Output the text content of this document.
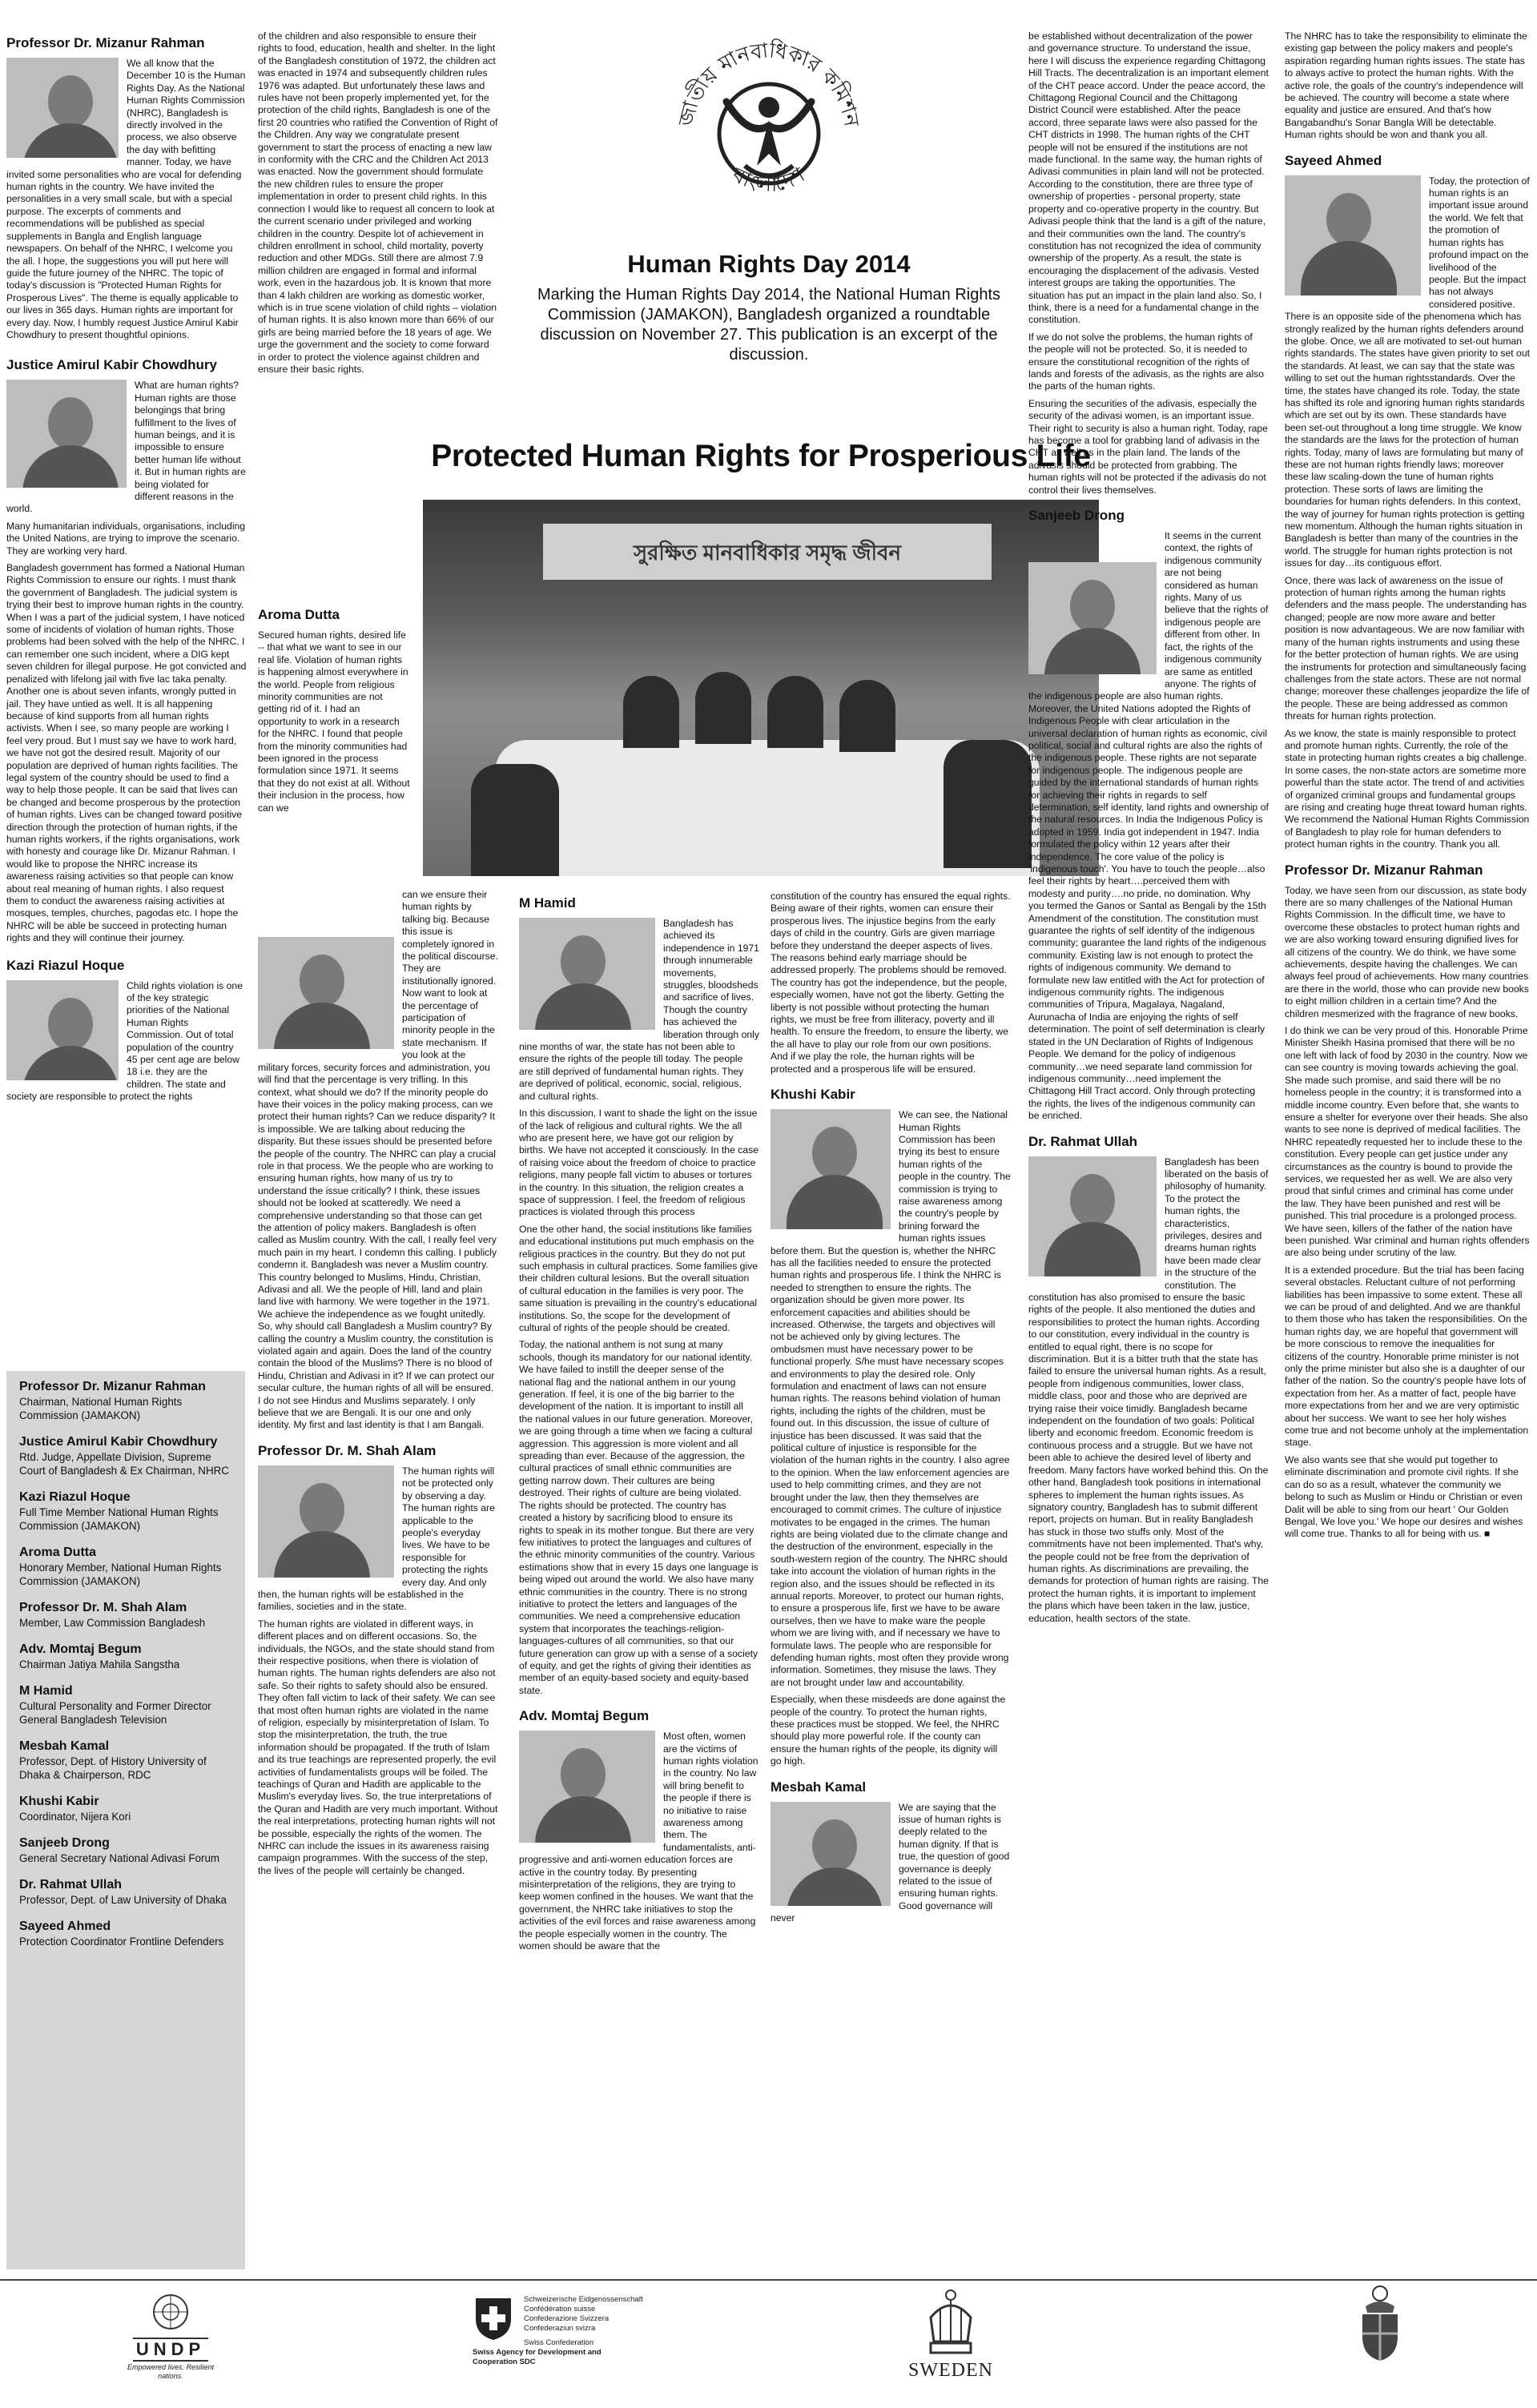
Professor Dr. Mizanur Rahman

We all know that the December 10 is the Human Rights Day. As the National Human Rights Commission (NHRC), Bangladesh is directly involved in the process, we also observe the day with befitting manner. Today, we have invited some personalities who are vocal for defending human rights in the country. We have invited the personalities in a very small scale, but with a special purpose. The excerpts of comments and recommendations will be published as special supplements in Bangla and English language newspapers. On behalf of the NHRC, I welcome you the all. I hope, the suggestions you will put here will guide the future journey of the NHRC. The topic of today's discussion is "Protected Human Rights for Prosperous Lives". The theme is equally applicable to our lives in 365 days. Human rights are important for every day. Now, I humbly request Justice Amirul Kabir Chowdhury to present thoughtful opinions.

Justice Amirul Kabir Chowdhury

What are human rights? Human rights are those belongings that bring fulfillment to the lives of human beings, and it is impossible to ensure better human life without it. But in human rights are being violated for different reasons in the world.

Many humanitarian individuals, organisations, including the United Nations, are trying to improve the scenario. They are working very hard.

Bangladesh government has formed a National Human Rights Commission to ensure our rights. I must thank the government of Bangladesh. The judicial system is trying their best to improve human rights in the country. When I was a part of the judicial system, I have noticed some of incidents of violation of human rights. Those problems had been solved with the help of the NHRC. I can remember one such incident, where a DIG kept seven children for illegal purpose. He got convicted and penalized with lifelong jail with five lac taka penalty. Another one is about seven infants, wrongly putted in jail. They have untied as well. It is all happening because of kind supports from all human rights activists. When I see, so many people are working I feel very proud. But I must say we have to work hard, we have not got the desired result. Majority of our population are deprived of human rights facilities. The legal system of the country should be used to find a way to help those people. It can be said that lives can be changed and become prosperous by the protection of human rights. Lives can be changed toward positive direction through the protection of human rights, if the human rights workers, if the rights organisations, work with honesty and courage like Dr. Mizanur Rahman. I would like to propose the NHRC increase its awareness raising activities so that people can know about real meaning of human rights. I also request them to conduct the awareness raising activities at mosques, temples, churches, pagodas etc. I hope the NHRC will be able be succeed in protecting human rights and they will continue their journey.

Kazi Riazul Hoque

Child rights violation is one of the key strategic priorities of the National Human Rights Commission. Out of total population of the country 45 per cent age are below 18 i.e. they are the children. The state and society are responsible to protect the rights

Professor Dr. Mizanur Rahman
Chairman, National Human Rights Commission (JAMAKON)
Justice Amirul Kabir Chowdhury
Rtd. Judge, Appellate Division, Supreme Court of Bangladesh & Ex Chairman, NHRC
Kazi Riazul Hoque
Full Time Member National Human Rights Commission (JAMAKON)
Aroma Dutta
Honorary Member, National Human Rights Commission (JAMAKON)
Professor Dr. M. Shah Alam
Member, Law Commission Bangladesh
Adv. Momtaj Begum
Chairman Jatiya Mahila Sangstha
M Hamid
Cultural Personality and Former Director General Bangladesh Television
Mesbah Kamal
Professor, Dept. of History University of Dhaka & Chairperson, RDC
Khushi Kabir
Coordinator, Nijera Kori
Sanjeeb Drong
General Secretary National Adivasi Forum
Dr. Rahmat Ullah
Professor, Dept. of Law University of Dhaka
Sayeed Ahmed
Protection Coordinator Frontline Defenders

of the children and also responsible to ensure their rights to food, education, health and shelter. In the light of the Bangladesh constitution of 1972, the children act was enacted in 1974 and subsequently children rules 1976 was adapted. But unfortunately these laws and rules have not been properly implemented yet, for the protection of the child rights, Bangladesh is one of the first 20 countries who ratified the Convention of Right of the Children. Any way we congratulate present government to start the process of enacting a new law in conformity with the CRC and the Children Act 2013 was enacted. Now the government should formulate the new children rules to ensure the proper implementation in order to present child rights. In this connection I would like to request all concern to look at the current scenario under privileged and working children in the country. Despite lot of achievement in children enrollment in school, child mortality, poverty reduction and other MDGs. Still there are almost 7.9 million children are engaged in formal and informal work, even in the hazardous job. It is known that more than 4 lakh children are working as domestic worker, which is in true scene violation of child rights – violation of human rights. It is also known more than 66% of our girls are being married before the 18 years of age. We urge the government and the society to come forward in order to protect the violence against children and ensure their basic rights.

Aroma Dutta

Secured human rights, desired life -- that what we want to see in our real life. Violation of human rights is happening almost everywhere in the world. People from religious minority communities are not getting rid of it. I had an opportunity to work in a research for the NHRC. I found that people from the minority communities had been ignored in the process formulation since 1971. It seems that they do not exist at all. Without their inclusion in the process, how can we

can we ensure their human rights by talking big. Because this issue is completely ignored in the political discourse. They are institutionally ignored. Now want to look at the percentage of participation of minority people in the state mechanism. If you look at the military forces, security forces and administration, you will find that the percentage is very trifling. In this context, what should we do? If the minority people do have their voices in the policy making process, can we protect their human rights? Can we reduce disparity? It is impossible. We are talking about reducing the disparity. But these issues should be presented before the people of the country. The NHRC can play a crucial role in that process. We the people who are working to ensuring human rights, how many of us try to understand the issue critically? I think, these issues should not be looked at scatteredly. We need a comprehensive understanding so that those can get the attention of policy makers. Bangladesh is often called as Muslim country. With the call, I really feel very much pain in my heart. I condemn this calling. I publicly condemn it. Bangladesh was never a Muslim country. This country belonged to Muslims, Hindu, Christian, Adivasi and all. We the people of Hill, land and plain land live with harmony. We were together in the 1971. We achieve the independence as we fought unitedly. So, why should call Bangladesh a Muslim country? By calling the country a Muslim country, the constitution is violated again and again. Does the land of the country contain the blood of the Muslims? There is no blood of Hindu, Christian and Adivasi in it? If we can protect our secular culture, the human rights of all will be ensured. I do not see Hindus and Muslims separately. I only believe that we are Bengali. It is our one and only identity. My first and last identity is that I am Bangali.

Professor Dr. M. Shah Alam

The human rights will not be protected only by observing a day. The human rights are applicable to the people's everyday lives. We have to be responsible for protecting the rights every day. And only then, the human rights will be established in the families, societies and in the state.

The human rights are violated in different ways, in different places and on different occasions. So, the individuals, the NGOs, and the state should stand from their respective positions, when there is violation of human rights. The human rights defenders are also not safe. So their rights to safety should also be ensured. They often fall victim to lack of their safety. We can see that most often human rights are violated in the name of religion, especially by misinterpretation of Islam. To stop the misinterpretation, the truth, the true information should be propagated. If the truth of Islam and its true teachings are represented properly, the evil activities of fundamentalists groups will be foiled. The teachings of Quran and Hadith are applicable to the Muslim's everyday lives. So, the true interpretations of the Quran and Hadith are very much important. Without the real interpretations, protecting human rights will not be possible, especially the rights of the women. The NHRC can include the issues in its awareness raising campaign programmes. With the success of the step, the lives of the people will certainly be changed.

জাতীয় মানবাধিকার কমিশন
বাংলাদেশ
Human Rights Day 2014
Marking the Human Rights Day 2014, the National Human Rights Commission (JAMAKON), Bangladesh organized a roundtable discussion on November 27. This publication is an excerpt of the discussion.
Protected Human Rights for Prosperious Life
সুরক্ষিত মানবাধিকার সমৃদ্ধ জীবন
M Hamid

Bangladesh has achieved its independence in 1971 through innumerable movements, struggles, bloodsheds and sacrifice of lives. Though the country has achieved the liberation through only nine months of war, the state has not been able to ensure the rights of the people till today. The people are still deprived of fundamental human rights. They are deprived of political, economic, social, religious, and cultural rights.

In this discussion, I want to shade the light on the issue of the lack of religious and cultural rights. We the all who are present here, we have got our religion by births. We have not accepted it consciously. In the case of raising voice about the freedom of choice to practice religions, many people fall victim to abuses or tortures in the country. In this situation, the religion creates a space of suppression. I feel, the freedom of religious practices is violated through this process

One the other hand, the social institutions like families and educational institutions put much emphasis on the religious practices in the country. But they do not put such emphasis in cultural practices. Some families give their children cultural lesions. But the overall situation of cultural education in the families is very poor. The same situation is prevailing in the country's educational institutions. So, the scope for the development of cultural of rights of the people should be created.

Today, the national anthem is not sung at many schools, though its mandatory for our national identity. We have failed to instill the deeper sense of the national flag and the national anthem in our young generation. If feel, it is one of the big barrier to the development of the nation. It is important to instill all the national values in our future generation. Moreover, we are going through a time when we facing a cultural aggression. This aggression is more violent and all spreading than ever. Because of the aggression, the cultural practices of small ethnic communities are getting narrow down. Their cultures are being destroyed. Their rights of culture are being violated. The rights should be protected. The country has created a history by sacrificing blood to ensure its rights to speak in its mother tongue. But there are very few initiatives to protect the languages and cultures of the ethnic minority communities of the country. Various estimations show that in every 15 days one language is being wiped out around the world. We also have many ethnic communities in the country. There is no strong initiative to protect the letters and languages of the communities. We need a comprehensive education system that incorporates the teachings-religion-languages-cultures of all communities, so that our future generation can grow up with a sense of a society of equity, and get the rights of giving their identities as member of an equity-based society and equity-based state.

Adv. Momtaj Begum

Most often, women are the victims of human rights violation in the country. No law will bring benefit to the people if there is no initiative to raise awareness among them. The fundamentalists, anti-progressive and anti-women education forces are active in the country today. By presenting misinterpretation of the religions, they are trying to keep women confined in the houses. We want that the government, the NHRC take initiatives to stop the activities of the evil forces and raise awareness among the people especially women in the country. The women should be aware that the

constitution of the country has ensured the equal rights. Being aware of their rights, women can ensure their prosperous lives. The injustice begins from the early days of child in the country. Girls are given marriage before they understand the deeper aspects of lives. The reasons behind early marriage should be addressed properly. The problems should be removed. The country has got the independence, but the people, especially women, have not got the liberty. Getting the liberty is not possible without protecting the human rights, we must be free from illiteracy, poverty and ill health. To ensure the freedom, to ensure the liberty, we the all have to play our role from our own positions. And if we play the role, the human rights will be protected and a prosperous life will be ensured.

Khushi Kabir

We can see, the National Human Rights Commission has been trying its best to ensure human rights of the people in the country. The commission is trying to raise awareness among the country's people by brining forward the human rights issues before them. But the question is, whether the NHRC has all the facilities needed to ensure the protected human rights and prosperous life. I think the NHRC is needed to strengthen to ensure the rights. The organization should be given more power. Its enforcement capacities and abilities should be increased. Otherwise, the targets and objectives will not be achieved only by giving lectures. The ombudsmen must have necessary power to be functional properly. S/he must have necessary scopes and environments to play the desired role. Only formulation and enactment of laws can not ensure human rights. The reasons behind violation of human rights, including the rights of the children, must be found out. In this discussion, the issue of culture of injustice has been discussed. It was said that the political culture of injustice is responsible for the violation of the human rights in the country. I also agree to the opinion. When the law enforcement agencies are used to help committing crimes, and they are not brought under the law, then they themselves are encouraged to commit crimes. The culture of injustice motivates to be engaged in the crimes. The human rights are being violated due to the climate change and the destruction of the environment, especially in the south-western region of the country. The NHRC should take into account the violation of human rights in the region also, and the issues should be reflected in its annual reports. Moreover, to protect our human rights, to ensure a prosperous life, first we have to be aware ourselves, then we have to make ware the people whom we are living with, and if necessary we have to formulate laws. The people who are responsible for defending human rights, most often they provide wrong information. Sometimes, they misuse the laws. They are not brought under law and accountability.

Especially, when these misdeeds are done against the people of the country. To protect the human rights, these practices must be stopped. We feel, the NHRC should play more powerful role. If the county can ensure the human rights of the people, its dignity will go high.

Mesbah Kamal

We are saying that the issue of human rights is deeply related to the human dignity. If that is true, the question of good governance is deeply related to the issue of ensuring human rights. Good governance will never

be established without decentralization of the power and governance structure. To understand the issue, here I will discuss the experience regarding Chittagong Hill Tracts. The decentralization is an important element of the CHT peace accord. Under the peace accord, the Chittagong Regional Council and the Chittagong District Council were established. After the peace accord, three separate laws were also passed for the CHT districts in 1998. The human rights of the CHT people will not be ensured if the institutions are not made functional. In the same way, the human rights of Adivasi communities in plain land will not be protected. According to the constitution, there are three type of ownership of properties - personal property, state property and co-operative property in the country. But Adivasi people think that the land is a gift of the nature, and their communities own the land. The country's constitution has not recognized the idea of community ownership of the property. As a result, the state is encouraging the displacement of the adivasis. Vested interest groups are taking the opportunities. The situation has put an impact in the plain land also. So, I think, there is a need for a fundamental change in the constitution.

If we do not solve the problems, the human rights of the people will not be protected. So, it is needed to ensure the constitutional recognition of the rights of lands and forests of the adivasis, as the rights are also the parts of the human rights.

Ensuring the securities of the adivasis, especially the security of the adivasi women, is an important issue. Their right to security is also a human right. Today, rape has become a tool for grabbing land of adivasis in the CHT as well as in the plain land. The lands of the adivasis should be protected from grabbing. The human rights will not be protected if the adivasis do not control their lives themselves.

Sanjeeb Drong

It seems in the current context, the rights of indigenous community are not being considered as human rights. Many of us believe that the rights of indigenous people are different from other. In fact, the rights of the indigenous community are same as entitled anyone. The rights of the indigenous people are also human rights. Moreover, the United Nations adopted the Rights of Indigenous People with clear articulation in the universal declaration of human rights as economic, civil political, social and cultural rights are also the rights of the indigenous people. These rights are not separate for indigenous people. The indigenous people are guided by the international standards of human rights for achieving their rights in regards to self determination, self identity, land rights and ownership of the natural resources. In India the Indigenous Policy is adopted in 1959. India got independent in 1947. India formulated the policy within 12 years after their independence. The core value of the policy is 'indigenous touch'. You have to touch the people…also feel their rights by heart….perceived them with modesty and purity….no pride, no domination. Why you termed the Ganos or Santal as Bengali by the 15th Amendment of the constitution. The constitution must guarantee the rights of self identity of the indigenous community; guarantee the land rights of the indigenous community. Existing law is not enough to protect the rights of indigenous community. We demand to formulate new law entitled with the Act for protection of indigenous community rights. The indigenous communities of Tripura, Magalaya, Nagaland, Aurunacha of India are enjoying the rights of self determination. The point of self determination is clearly stated in the UN Declaration of Rights of Indigenous People. We demand for the policy of indigenous community…we need separate land commission for indigenous community…need implement the Chittagong Hill Tract accord. Only through protecting the rights, the lives of the indigenous community can be enriched.

Dr. Rahmat Ullah

Bangladesh has been liberated on the basis of philosophy of humanity. To the protect the human rights, the characteristics, privileges, desires and dreams human rights have been made clear in the structure of the constitution. The constitution has also promised to ensure the basic rights of the people. It also mentioned the duties and responsibilities to protect the human rights. According to our constitution, every individual in the country is entitled to equal right, there is no scope for discrimination. But it is a bitter truth that the state has failed to ensure the universal human rights. As a result, people from indigenous communities, lower class, middle class, poor and those who are deprived are trying raise their voice timidly. Bangladesh became independent on the foundation of two goals: Political liberty and economic freedom. Economic freedom is continuous process and a struggle. But we have not been able to achieve the desired level of liberty and freedom. Many factors have worked behind this. On the other hand, Bangladesh took positions in international spheres to implement the human rights issues. As signatory country, Bangladesh has to submit different report, projects on human. But in reality Bangladesh has stuck in those two stuffs only. Most of the commitments have not been implemented. That's why, the people could not be free from the deprivation of human rights. As discriminations are prevailing, the demands for protection of human rights are raising. The protect the human rights, it is important to implement the plans which have been taken in the law, justice, education, health sectors of the state.

The NHRC has to take the responsibility to eliminate the existing gap between the policy makers and people's aspiration regarding human rights issues. The state has to always active to protect the human rights. With the active role, the goals of the country's independence will be achieved. The country will become a state where equality and justice are ensured. And that's how Bangabandhu's Sonar Bangla Will be detectable. Human rights should be won and thank you all.

Sayeed Ahmed

Today, the protection of human rights is an important issue around the world. We felt that the promotion of human rights has profound impact on the livelihood of the people. But the impact has not always considered positive. There is an opposite side of the phenomena which has strongly realized by the human rights defenders around the globe. Once, we all are motivated to set-out human rights standards. The states have given priority to set out the standards. At least, we can say that the state was willing to set out the human rightsstandards. Over the time, the states have changed its role. Today, the state has shifted its role and ignoring human rights standards which are set out by its own. These standards have been set-out throughout a long time struggle. We know the standards are the laws for the protection of human rights. Today, many of laws are formulating but many of these are not human rights friendly laws; moreover these law scaling-down the tune of human rights protection. These sorts of laws are limiting the boundaries for human rights defenders. In this context, the way of journey for human rights protection is getting new momentum. Although the human rights situation in Bangladesh is better than many of the countries in the world. The struggle for human rights protection is not issues for day…its contiguous effort.

Once, there was lack of awareness on the issue of protection of human rights among the human rights defenders and the mass people. The understanding has changed; people are now more aware and better position is now advantageous. We are now familiar with many of the human rights instruments and using these for the better protection of human rights. We are using the instruments for protection and simultaneously facing challenges from the state actors. These are not normal change; moreover these challenges jeopardize the life of the people. These are being addressed as common threats for human rights protection.

As we know, the state is mainly responsible to protect and promote human rights. Currently, the role of the state in protecting human rights creates a big challenge. In some cases, the non-state actors are sometime more powerful than the state actor. The trend of and activities of organized criminal groups and fundamental groups are rising and creating huge threat toward human rights. We recommend the National Human Rights Commission of Bangladesh to play role for human defenders to protect human rights in the country. Thank you all.

Professor Dr. Mizanur Rahman

Today, we have seen from our discussion, as state body there are so many challenges of the National Human Rights Commission. In the difficult time, we have to overcome these obstacles to protect human rights and we are also working toward ensuring dignified lives for all citizens of the country. We do think, we have some achievements, despite having the challenges. We can always feel proud of achievements. How many countries are there in the world, those who can provide new books to eight million children in a certain time? And the children mesmerized with the fragrance of new books.

I do think we can be very proud of this. Honorable Prime Minister Sheikh Hasina promised that there will be no one left with lack of food by 2030 in the country. Now we can see country is moving towards achieving the goal. She made such promise, and said there will be no homeless people in the country; it is transformed into a middle income country. Even before that, she wants to ensure a shelter for everyone over their heads. She also wants to see none is deprived of medical facilities. The NHRC repeatedly requested her to include these to the constitution. Every people can get justice under any circumstances as the country is bound to provide the services, we requested her as well. We are also very proud that sinful crimes and criminal has come under the law. They have been punished and rest will be punished. This trial procedure is a prolonged process. We have seen, killers of the father of the nation have been punished. War criminal and human rights offenders are also being under scrutiny of the law.

It is a extended procedure. But the trial has been facing several obstacles. Reluctant culture of not performing liabilities has been impassive to some extent. These all we can be proud of and delighted. And we are thankful to them those who has taken the responsibilities. On the human rights day, we are hopeful that government will be more conscious to remove the inequalities for citizens of the country. Honorable prime minister is not only the prime minister but also she is a daughter of our father of the nation. So the country's people have lots of expectation from her. As a matter of fact, people have more expectations from her and we are very optimistic about her success. We want to see her holy wishes come true and not become unholy at the implementation stage.

We also wants see that she would put together to eliminate discrimination and promote civil rights. If she can do so as a result, whatever the community we belong to such as Muslim or Hindu or Christian or even Dalit will be able to sing from our heart ' Our Golden Bengal, We love you.' We hope our desires and wishes will come true. Thanks to all for being with us. ■

UNDP
Empowered lives. Resilient nations.
Schweizerische Eidgenossenschaft
Confédération suisse
Confederazione Svizzera
Confederaziun svizra
Swiss Confederation
Swiss Agency for Development and Cooperation SDC	SWEDEN
